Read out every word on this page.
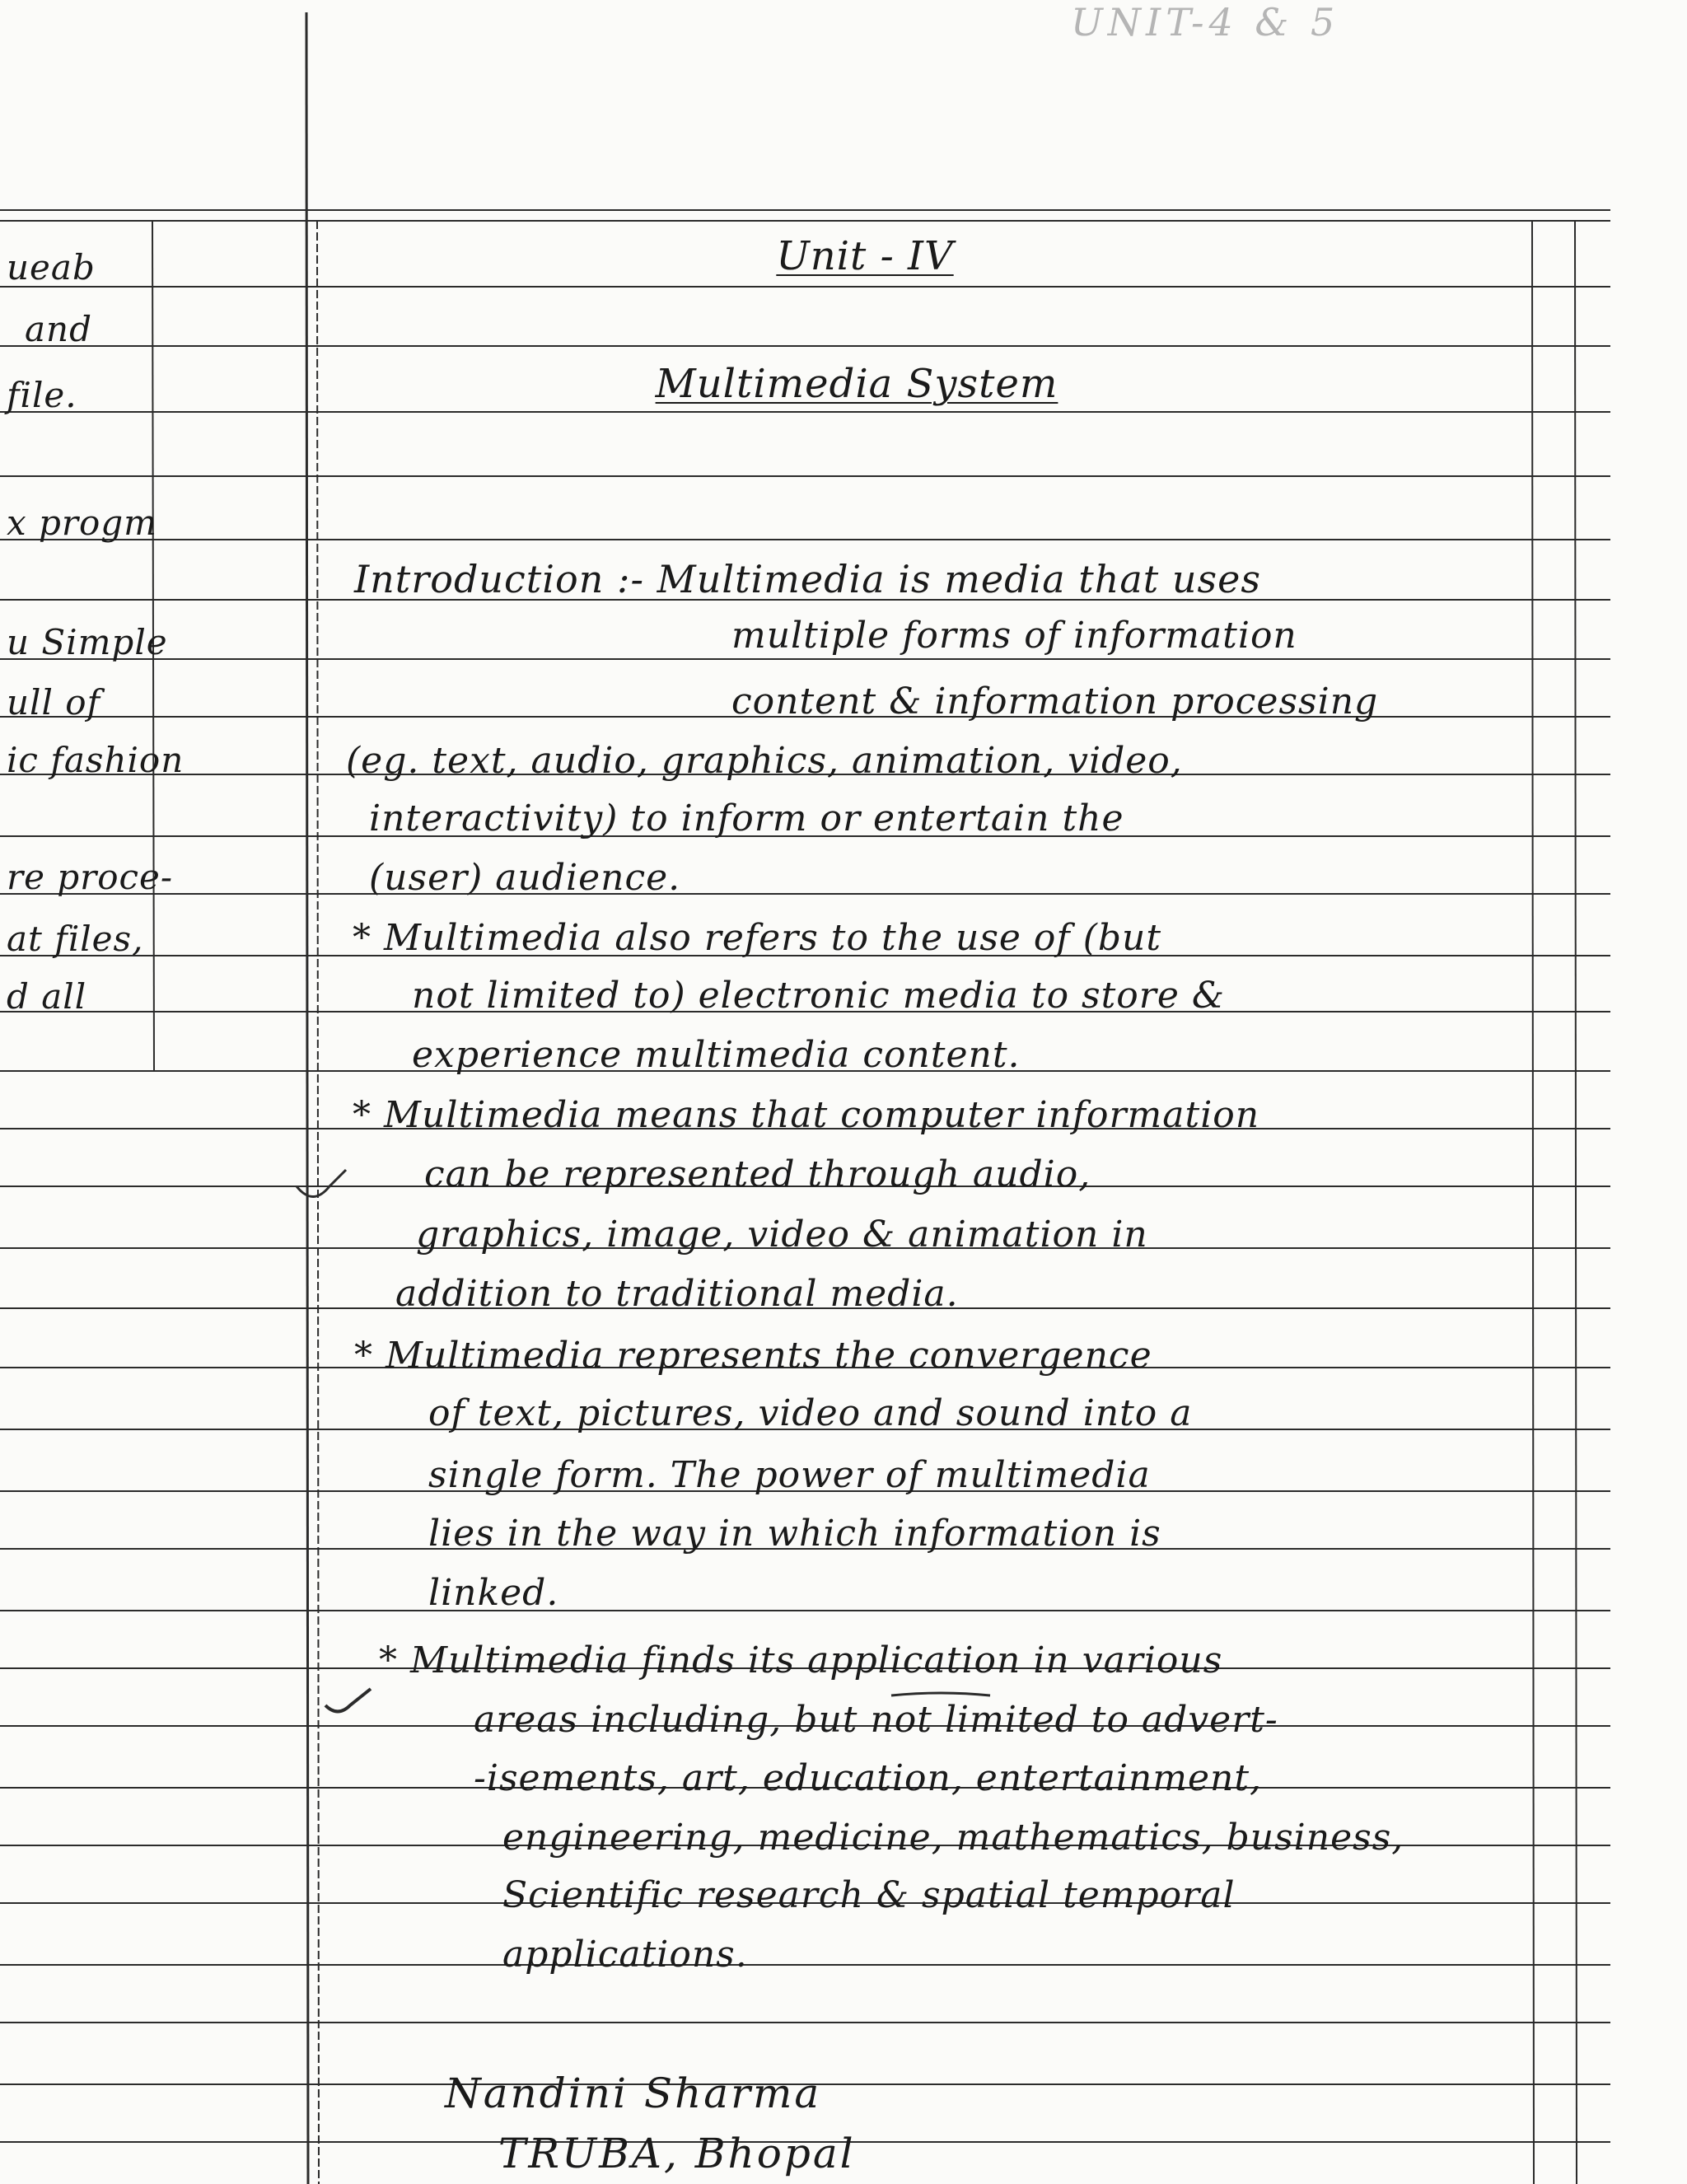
UNIT-4 & 5
ueab
and
file.
x progm
u Simple
ull of
ic fashion
re proce-
at files,
d all
Unit - IV
Multimedia System
Introduction :- Multimedia is media that uses
multiple forms of information
content & information processing
(eg. text, audio, graphics, animation, video,
interactivity) to inform or entertain the
(user) audience.
* Multimedia also refers to the use of (but
not limited to) electronic media to store &
experience multimedia content.
* Multimedia means that computer information
can be represented through audio,
graphics, image, video & animation in
addition to traditional media.
* Multimedia represents the convergence
of text, pictures, video and sound into a
single form. The power of multimedia
lies in the way in which information is
linked.
* Multimedia finds its application in various
areas including, but not limited to advert-
-isements, art, education, entertainment,
engineering, medicine, mathematics, business,
Scientific research & spatial temporal
applications.
Nandini Sharma
TRUBA, Bhopal
